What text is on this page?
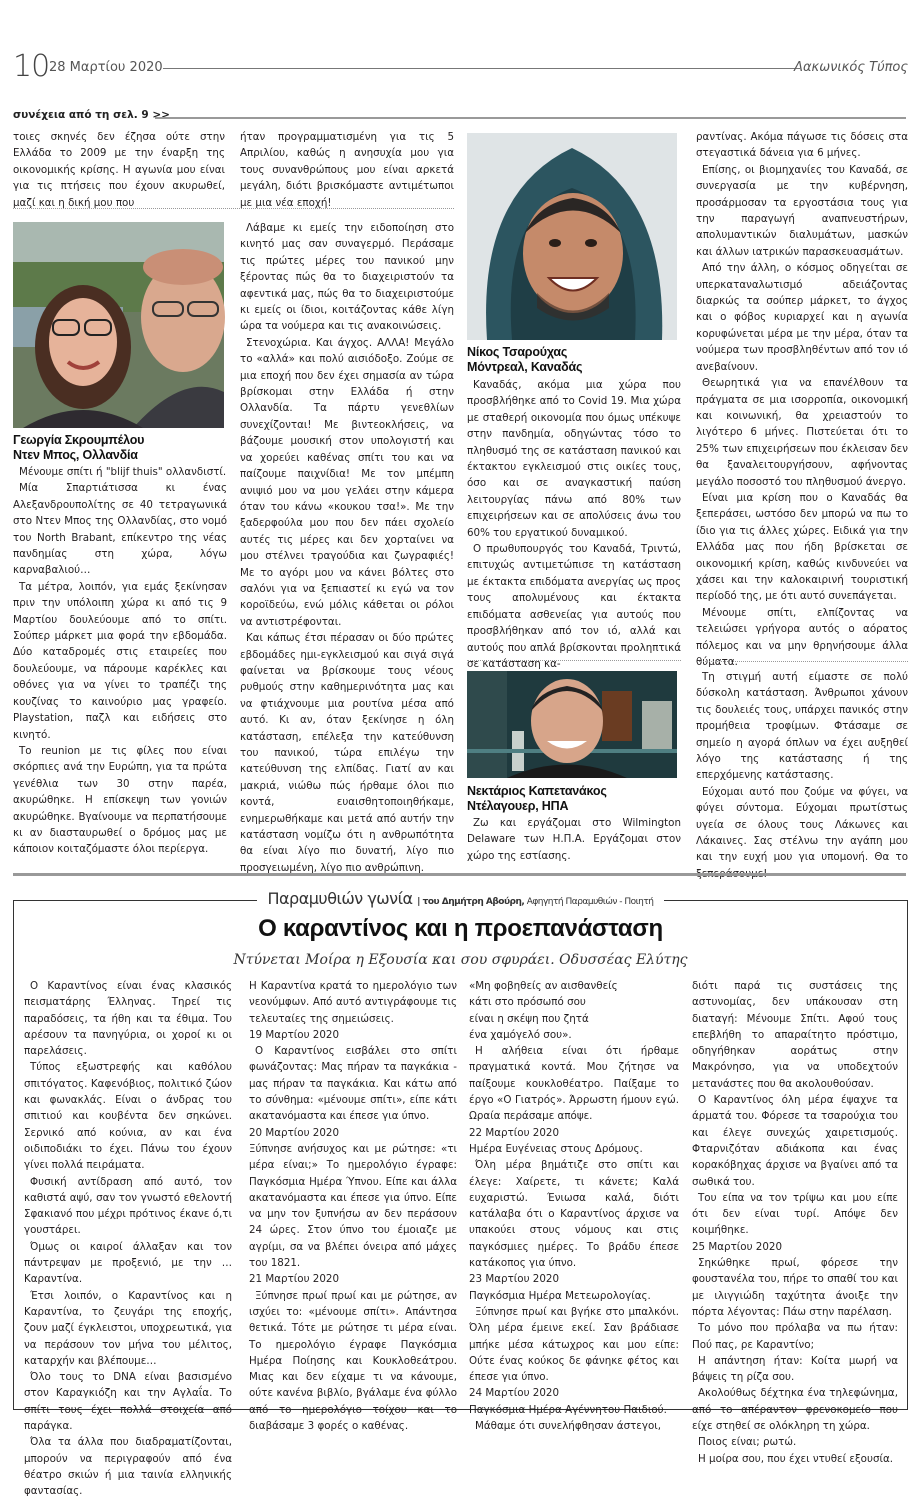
10 28 Μαρτίου 2020	Λακωνικός Τύπος
συνέχεια από τη σελ. 9 >>

τοιες σκηνές δεν έζησα ούτε στην Ελλάδα το 2009 με την έναρξη της οικονομικής κρίσης. Η αγωνία μου είναι για τις πτήσεις που έχουν ακυρωθεί, μαζί και η δική μου που

ήταν προγραμματισμένη για τις 5 Απριλίου, καθώς η ανησυχία μου για τους συνανθρώπους μου είναι αρκετά μεγάλη, διότι βρισκόμαστε αντιμέτωποι με μια νέα εποχή!

Γεωργία Σκρουμπέλου
Ντεν Μπος, Ολλανδία

Μένουμε σπίτι ή "blijf thuis" ολλανδιστί.

Μία Σπαρτιάτισσα κι ένας Αλεξανδρουπολίτης σε 40 τετραγωνικά στο Ντεν Μπος της Ολλανδίας, στο νομό του North Brabant, επίκεντρο της νέας πανδημίας στη χώρα, λόγω καρναβαλιού…

Τα μέτρα, λοιπόν, για εμάς ξεκίνησαν πριν την υπόλοιπη χώρα κι από τις 9 Μαρτίου δουλεύουμε από το σπίτι. Σούπερ μάρκετ μια φορά την εβδομάδα. Δύο καταδρομές στις εταιρείες που δουλεύουμε, να πάρουμε καρέκλες και οθόνες για να γίνει το τραπέζι της κουζίνας το καινούριο μας γραφείο. Playstation, παζλ και ειδήσεις στο κινητό.

Το reunion με τις φίλες που είναι σκόρπιες ανά την Ευρώπη, για τα πρώτα γενέθλια των 30 στην παρέα, ακυρώθηκε. Η επίσκεψη των γονιών ακυρώθηκε. Βγαίνουμε να περπατήσουμε κι αν διασταυρωθεί ο δρόμος μας με κάποιον κοιταζόμαστε όλοι περίεργα.

Λάβαμε κι εμείς την ειδοποίηση στο κινητό μας σαν συναγερμό. Περάσαμε τις πρώτες μέρες του πανικού μην ξέροντας πώς θα το διαχειριστούν τα αφεντικά μας, πώς θα το διαχειριστούμε κι εμείς οι ίδιοι, κοιτάζοντας κάθε λίγη ώρα τα νούμερα και τις ανακοινώσεις.

Στενοχώρια. Και άγχος. ΑΛΛΑ! Μεγάλο το «αλλά» και πολύ αισιόδοξο. Ζούμε σε μια εποχή που δεν έχει σημασία αν τώρα βρίσκομαι στην Ελλάδα ή στην Ολλανδία. Τα πάρτυ γενεθλίων συνεχίζονται! Με βιντεοκλήσεις, να βάζουμε μουσική στον υπολογιστή και να χορεύει καθένας σπίτι του και να παίζουμε παιχνίδια! Με τον μπέμπη ανιψιό μου να μου γελάει στην κάμερα όταν του κάνω «κουκου τσα!». Με την ξαδερφούλα μου που δεν πάει σχολείο αυτές τις μέρες και δεν χορταίνει να μου στέλνει τραγούδια και ζωγραφιές! Με το αγόρι μου να κάνει βόλτες στο σαλόνι για να ξεπιαστεί κι εγώ να τον κοροϊδεύω, ενώ μόλις κάθεται οι ρόλοι να αντιστρέφονται.

Και κάπως έτσι πέρασαν οι δύο πρώτες εβδομάδες ημι-εγκλεισμού και σιγά σιγά φαίνεται να βρίσκουμε τους νέους ρυθμούς στην καθημερινότητα μας και να φτιάχνουμε μια ρουτίνα μέσα από αυτό. Κι αν, όταν ξεκίνησε η όλη κατάσταση, επέλεξα την κατεύθυνση του πανικού, τώρα επιλέγω την κατεύθυνση της ελπίδας. Γιατί αν και μακριά, νιώθω πώς ήρθαμε όλοι πιο κοντά, ευαισθητοποιηθήκαμε, ενημερωθήκαμε και μετά από αυτήν την κατάσταση νομίζω ότι η ανθρωπότητα θα είναι λίγο πιο δυνατή, λίγο πιο προσγειωμένη, λίγο πιο ανθρώπινη.

Νίκος Τσαρούχας
Μόντρεαλ, Καναδάς

Καναδάς, ακόμα μια χώρα που προσβλήθηκε από το Covid 19. Μια χώρα με σταθερή οικονομία που όμως υπέκυψε στην πανδημία, οδηγώντας τόσο το πληθυσμό της σε κατάσταση πανικού και έκτακτου εγκλεισμού στις οικίες τους, όσο και σε αναγκαστική παύση λειτουργίας πάνω από 80% των επιχειρήσεων και σε απολύσεις άνω του 60% του εργατικού δυναμικού.

Ο πρωθυπουργός του Καναδά, Τριντώ, επιτυχώς αντιμετώπισε τη κατάσταση με έκτακτα επιδόματα ανεργίας ως προς τους απολυμένους και έκτακτα επιδόματα ασθενείας για αυτούς που προσβλήθηκαν από τον ιό, αλλά και αυτούς που απλά βρίσκονται προληπτικά σε κατάσταση κα-

Νεκτάριος Καπετανάκος
Ντέλαγουερ, ΗΠΑ

Ζω και εργάζομαι στο Wilmington Delaware των Η.Π.Α. Εργάζομαι στον χώρο της εστίασης.

ραντίνας. Ακόμα πάγωσε τις δόσεις στα στεγαστικά δάνεια για 6 μήνες.

Επίσης, οι βιομηχανίες του Καναδά, σε συνεργασία με την κυβέρνηση, προσάρμοσαν τα εργοστάσια τους για την παραγωγή αναπνευστήρων, απολυμαντικών διαλυμάτων, μασκών και άλλων ιατρικών παρασκευασμάτων.

Από την άλλη, ο κόσμος οδηγείται σε υπερκαταναλωτισμό αδειάζοντας διαρκώς τα σούπερ μάρκετ, το άγχος και ο φόβος κυριαρχεί και η αγωνία κορυφώνεται μέρα με την μέρα, όταν τα νούμερα των προσβληθέντων από τον ιό ανεβαίνουν.

Θεωρητικά για να επανέλθουν τα πράγματα σε μια ισορροπία, οικονομική και κοινωνική, θα χρειαστούν το λιγότερο 6 μήνες. Πιστεύεται ότι το 25% των επιχειρήσεων που έκλεισαν δεν θα ξαναλειτουργήσουν, αφήνοντας μεγάλο ποσοστό του πληθυσμού άνεργο.

Είναι μια κρίση που ο Καναδάς θα ξεπεράσει, ωστόσο δεν μπορώ να πω το ίδιο για τις άλλες χώρες. Ειδικά για την Ελλάδα μας που ήδη βρίσκεται σε οικονομική κρίση, καθώς κινδυνεύει να χάσει και την καλοκαιρινή τουριστική περίοδό της, με ότι αυτό συνεπάγεται.

Μένουμε σπίτι, ελπίζοντας να τελειώσει γρήγορα αυτός ο αόρατος πόλεμος και να μην θρηνήσουμε άλλα θύματα.

Τη στιγμή αυτή είμαστε σε πολύ δύσκολη κατάσταση. Άνθρωποι χάνουν τις δουλειές τους, υπάρχει πανικός στην προμήθεια τροφίμων. Φτάσαμε σε σημείο η αγορά όπλων να έχει αυξηθεί λόγο της κατάστασης ή της επερχόμενης κατάστασης.

Εύχομαι αυτό που ζούμε να φύγει, να φύγει σύντομα. Εύχομαι πρωτίστως υγεία σε όλους τους Λάκωνες και Λάκαινες. Σας στέλνω την αγάπη μου και την ευχή μου για υπομονή. Θα το ξεπεράσουμε!

Παραμυθιών γωνία | του Δημήτρη Αβούρη, Αφηγητή Παραμυθιών - Ποιητή
Ο καραντίνος και η προεπανάσταση
Ντύνεται Μοίρα η Εξουσία και σου σφυράει. Οδυσσέας Ελύτης

Ο Καραντίνος είναι ένας κλασικός πεισματάρης Έλληνας. Τηρεί τις παραδόσεις, τα ήθη και τα έθιμα. Του αρέσουν τα πανηγύρια, οι χοροί κι οι παρελάσεις.

Τύπος εξωστρεφής και καθόλου σπιτόγατος. Καφενόβιος, πολιτικό ζώον και φωνακλάς. Είναι ο άνδρας του σπιτιού και κουβέντα δεν σηκώνει. Σερνικό από κούνια, αν και ένα οιδιποδιάκι το έχει. Πάνω του έχουν γίνει πολλά πειράματα.

Φυσική αντίδραση από αυτό, τον καθιστά αψύ, σαν τον γνωστό εθελοντή Σφακιανό που μέχρι πρότινος έκανε ό,τι γουστάρει.

Όμως οι καιροί άλλαξαν και τον πάντρεψαν με προξενιό, με την … Καραντίνα.

Έτσι λοιπόν, ο Καραντίνος και η Καραντίνα, το ζευγάρι της εποχής, ζουν μαζί έγκλειστοι, υποχρεωτικά, για να περάσουν τον μήνα του μέλιτος, καταρχήν και βλέπουμε…

Όλο τους το DNA είναι βασισμένο στον Καραγκιόζη και την Αγλαΐα. Το σπίτι τους έχει πολλά στοιχεία από παράγκα.

Όλα τα άλλα που διαδραματίζονται, μπορούν να περιγραφούν από ένα θέατρο σκιών ή μια ταινία ελληνικής φαντασίας.

Η Καραντίνα κρατά το ημερολόγιο των νεονύμφων. Από αυτό αντιγράφουμε τις τελευταίες της σημειώσεις.

19 Μαρτίου 2020

Ο Καραντίνος εισβάλει στο σπίτι φωνάζοντας: Μας πήραν τα παγκάκια - μας πήραν τα παγκάκια. Και κάτω από το σύνθημα: «μένουμε σπίτι», είπε κάτι ακατανόμαστα και έπεσε για ύπνο.

20 Μαρτίου 2020

Ξύπνησε ανήσυχος και με ρώτησε: «τι μέρα είναι;» Το ημερολόγιο έγραφε: Παγκόσμια Ημέρα Ύπνου. Είπε και άλλα ακατανόμαστα και έπεσε για ύπνο. Είπε να μην τον ξυπνήσω αν δεν περάσουν 24 ώρες. Στον ύπνο του έμοιαζε με αγρίμι, σα να βλέπει όνειρα από μάχες του 1821.

21 Μαρτίου 2020

Ξύπνησε πρωί πρωί και με ρώτησε, αν ισχύει το: «μένουμε σπίτι». Απάντησα θετικά. Τότε με ρώτησε τι μέρα είναι. Το ημερολόγιο έγραφε Παγκόσμια Ημέρα Ποίησης και Κουκλοθεάτρου. Μιας και δεν είχαμε τι να κάνουμε, ούτε κανένα βιβλίο, βγάλαμε ένα φύλλο από το ημερολόγιο τοίχου και το διαβάσαμε 3 φορές ο καθένας.

«Μη φοβηθείς αν αισθανθείς

κάτι στο πρόσωπό σου

είναι η σκέψη που ζητά

ένα χαμόγελό σου».

Η αλήθεια είναι ότι ήρθαμε πραγματικά κοντά. Μου ζήτησε να παίξουμε κουκλοθέατρο. Παίξαμε το έργο «Ο Γιατρός». Άρρωστη ήμουν εγώ. Ωραία περάσαμε απόψε.

22 Μαρτίου 2020

Ημέρα Ευγένειας στους Δρόμους.

Όλη μέρα βημάτιζε στο σπίτι και έλεγε: Χαίρετε, τι κάνετε; Καλά ευχαριστώ. Ένιωσα καλά, διότι κατάλαβα ότι ο Καραντίνος άρχισε να υπακούει στους νόμους και στις παγκόσμιες ημέρες. Το βράδυ έπεσε κατάκοπος για ύπνο.

23 Μαρτίου 2020

Παγκόσμια Ημέρα Μετεωρολογίας.

Ξύπνησε πρωί και βγήκε στο μπαλκόνι. Όλη μέρα έμεινε εκεί. Σαν βράδιασε μπήκε μέσα κάτωχρος και μου είπε: Ούτε ένας κούκος δε φάνηκε φέτος και έπεσε για ύπνο.

24 Μαρτίου 2020

Παγκόσμια Ημέρα Αγέννητου Παιδιού.

Μάθαμε ότι συνελήφθησαν άστεγοι,

διότι παρά τις συστάσεις της αστυνομίας, δεν υπάκουσαν στη διαταγή: Μένουμε Σπίτι. Αφού τους επεβλήθη το απαραίτητο πρόστιμο, οδηγήθηκαν αοράτως στην Μακρόνησο, για να υποδεχτούν μετανάστες που θα ακολουθούσαν.

Ο Καραντίνος όλη μέρα έψαχνε τα άρματά του. Φόρεσε τα τσαρούχια του και έλεγε συνεχώς χαιρετισμούς. Φταρνιζόταν αδιάκοπα και ένας κορακόβηχας άρχισε να βγαίνει από τα σωθικά του.

Του είπα να τον τρίψω και μου είπε ότι δεν είναι τυρί. Απόψε δεν κοιμήθηκε.

25 Μαρτίου 2020

Σηκώθηκε πρωί, φόρεσε την φουστανέλα του, πήρε το σπαθί του και με ιλιγγιώδη ταχύτητα άνοιξε την πόρτα λέγοντας: Πάω στην παρέλαση.

Το μόνο που πρόλαβα να πω ήταν: Πού πας, ρε Καραντίνο;

Η απάντηση ήταν: Κοίτα μωρή να βάψεις τη ρίζα σου.

Ακολούθως δέχτηκα ένα τηλεφώνημα, από το απέραντον φρενοκομείο που είχε στηθεί σε ολόκληρη τη χώρα.

Ποιος είναι; ρωτώ.

Η μοίρα σου, που έχει ντυθεί εξουσία.
